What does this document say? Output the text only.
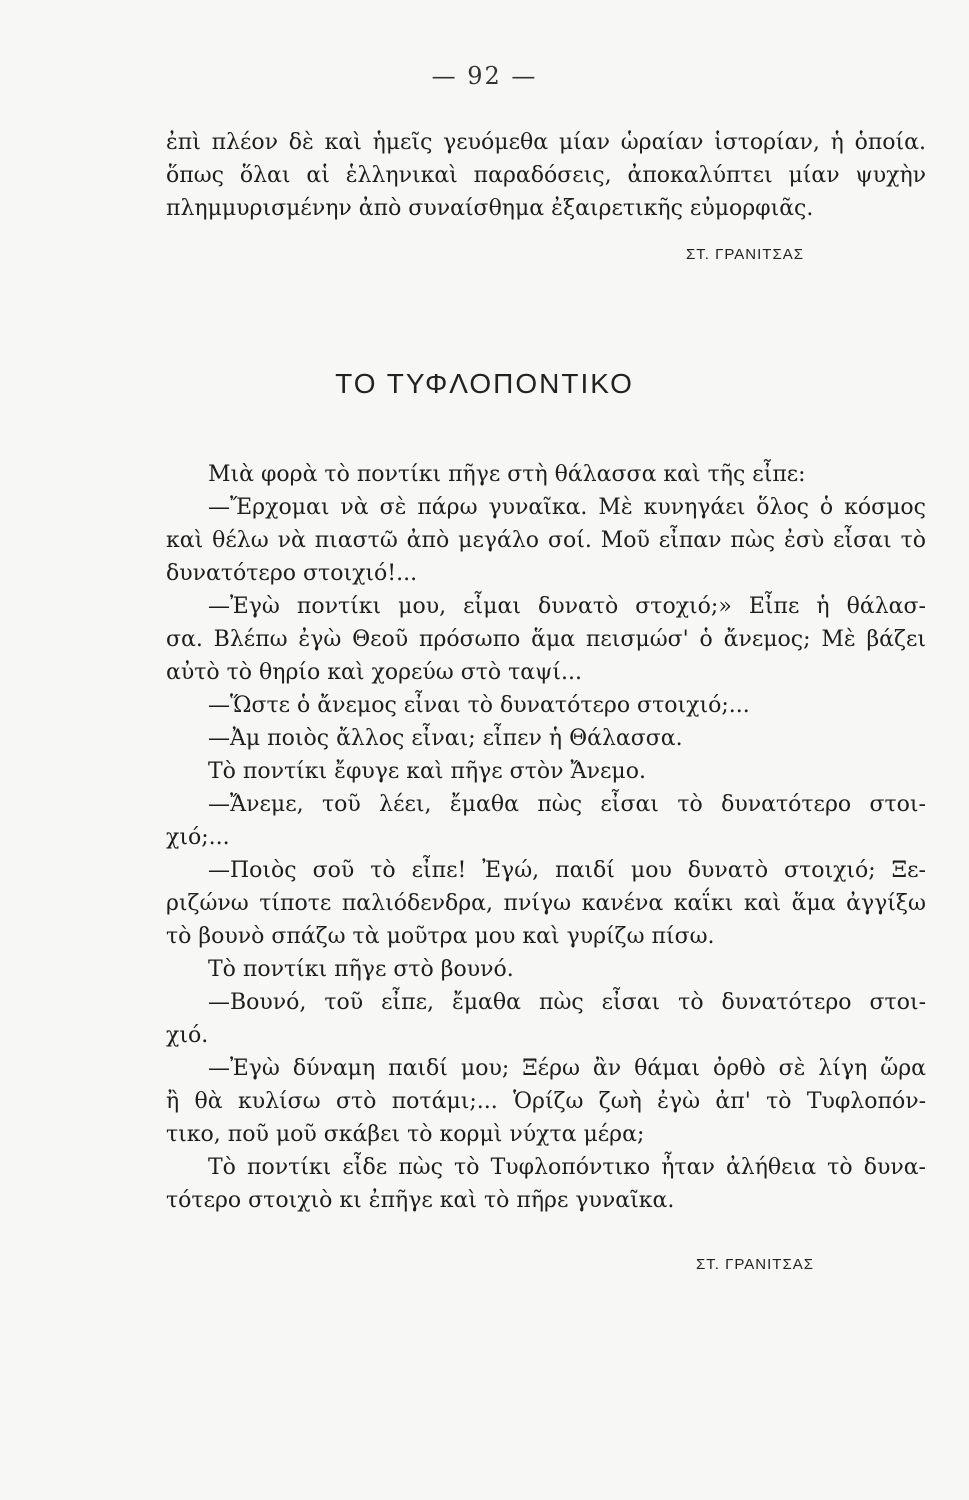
— 92 —
ἐπὶ πλέον δὲ καὶ ἡμεῖς γευόμεθα μίαν ὡραίαν ἱστορίαν, ἡ ὁποία.
ὅπως ὅλαι αἱ ἑλληνικαὶ παραδόσεις, ἀποκαλύπτει μίαν ψυχὴν
πλημμυρισμένην ἀπὸ συναίσθημα ἐξαιρετικῆς εὐμορφιᾶς.
ΣΤ. ΓΡΑΝΙΤΣΑΣ
ΤΟ ΤΥΦΛΟΠΟΝΤΙΚΟ
Μιὰ φορὰ τὸ ποντίκι πῆγε στὴ θάλασσα καὶ τῆς εἶπε:
—Ἔρχομαι νὰ σὲ πάρω γυναῖκα. Μὲ κυνηγάει ὅλος ὁ κόσμος
καὶ θέλω νὰ πιαστῶ ἀπὸ μεγάλο σοί. Μοῦ εἶπαν πὼς ἐσὺ εἶσαι τὸ
δυνατότερο στοιχιό!...
—Ἐγὼ ποντίκι μου, εἶμαι δυνατὸ στοχιό;» Εἶπε ἡ θάλασ-
σα. Βλέπω ἐγὼ Θεοῦ πρόσωπο ἅμα πεισμώσ' ὁ ἄνεμος; Μὲ βάζει
αὐτὸ τὸ θηρίο καὶ χορεύω στὸ ταψί...
—Ὥστε ὁ ἄνεμος εἶναι τὸ δυνατότερο στοιχιό;...
—Ἀμ ποιὸς ἄλλος εἶναι; εἶπεν ἡ Θάλασσα.
Τὸ ποντίκι ἔφυγε καὶ πῆγε στὸν Ἄνεμο.
—Ἄνεμε, τοῦ λέει, ἔμαθα πὼς εἶσαι τὸ δυνατότερο στοι-
χιό;...
—Ποιὸς σοῦ τὸ εἶπε! Ἐγώ, παιδί μου δυνατὸ στοιχιό; Ξε-
ριζώνω τίποτε παλιόδενδρα, πνίγω κανένα καΐκι καὶ ἅμα ἀγγίξω
τὸ βουνὸ σπάζω τὰ μοῦτρα μου καὶ γυρίζω πίσω.
Τὸ ποντίκι πῆγε στὸ βουνό.
—Βουνό, τοῦ εἶπε, ἔμαθα πὼς εἶσαι τὸ δυνατότερο στοι-
χιό.
—Ἐγὼ δύναμη παιδί μου; Ξέρω ἂν θάμαι ὀρθὸ σὲ λίγη ὥρα
ἢ θὰ κυλίσω στὸ ποτάμι;... Ὁρίζω ζωὴ ἐγὼ ἀπ' τὸ Τυφλοπόν-
τικο, ποῦ μοῦ σκάβει τὸ κορμὶ νύχτα μέρα;
Τὸ ποντίκι εἶδε πὼς τὸ Τυφλοπόντικο ἦταν ἀλήθεια τὸ δυνα-
τότερο στοιχιὸ κι ἐπῆγε καὶ τὸ πῆρε γυναῖκα.
ΣΤ. ΓΡΑΝΙΤΣΑΣ
